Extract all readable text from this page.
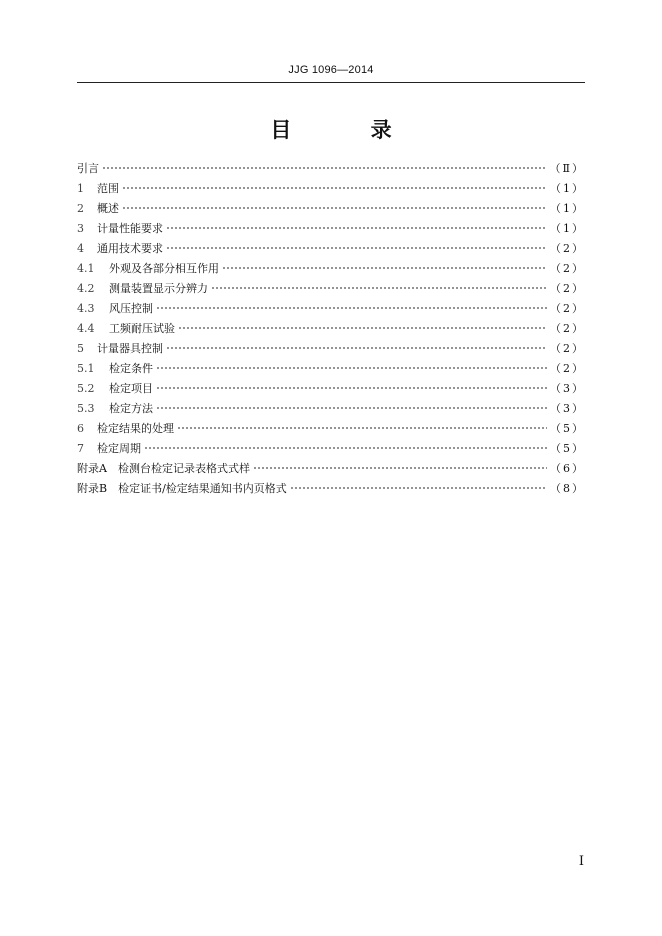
JJG 1096—2014
目 录
引言	（Ⅱ）
1	范围	（1）
2	概述	（1）
3	计量性能要求	（1）
4	通用技术要求	（2）
4.1	外观及各部分相互作用	（2）
4.2	测量装置显示分辨力	（2）
4.3	风压控制	（2）
4.4	工频耐压试验	（2）
5	计量器具控制	（2）
5.1	检定条件	（2）
5.2	检定项目	（3）
5.3	检定方法	（3）
6	检定结果的处理	（5）
7	检定周期	（5）
附录A　检测台检定记录表格式式样	（6）
附录B　检定证书/检定结果通知书内页格式	（8）
Ⅰ
